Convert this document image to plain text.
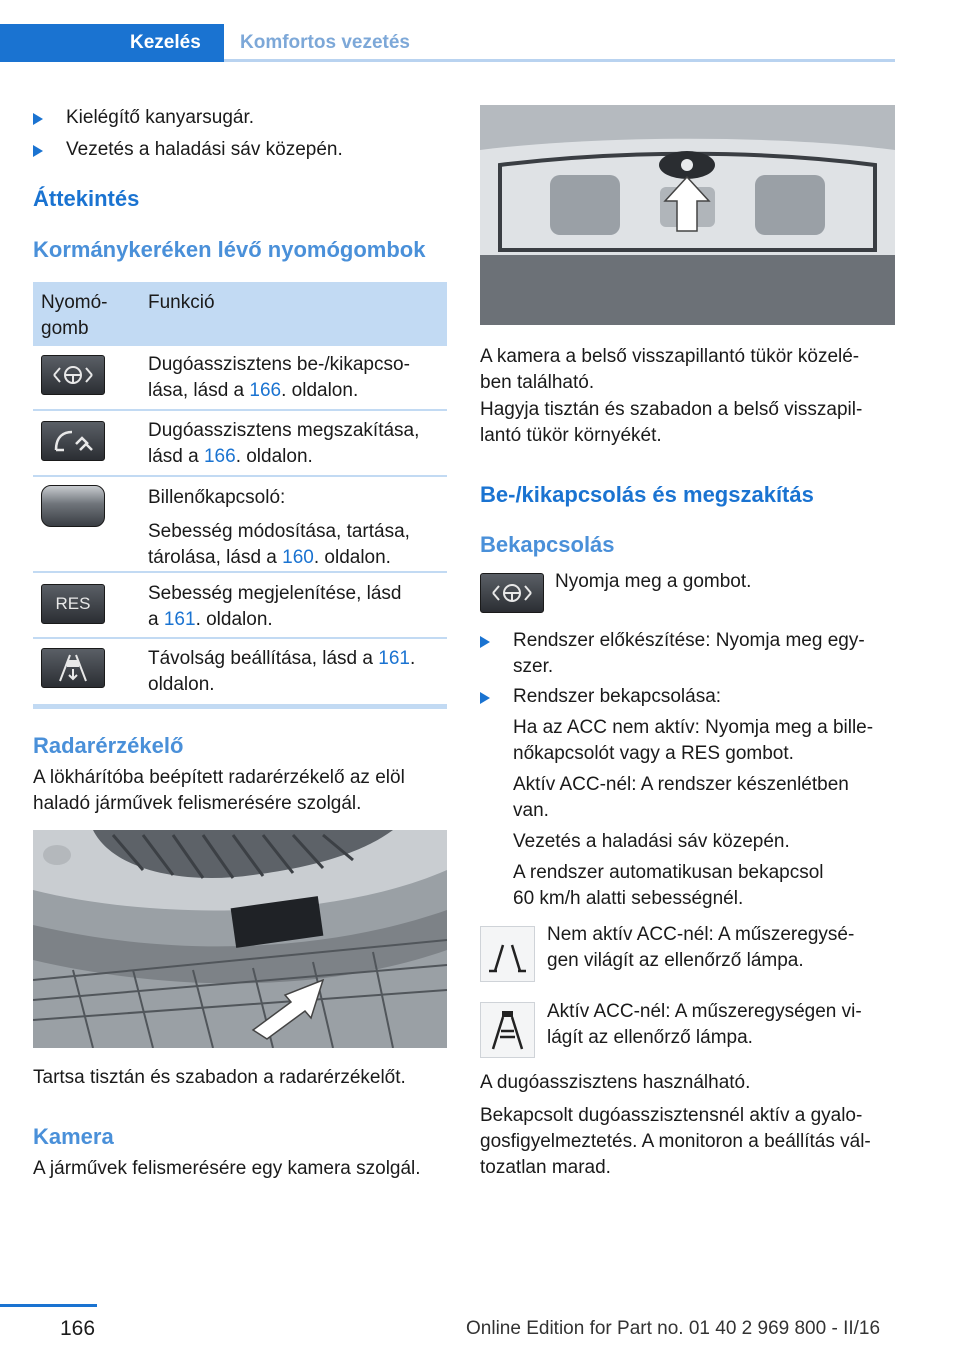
Kezelés Komfortos vezetés
Kielégítő kanyarsugár.
Vezetés a haladási sáv közepén.
Áttekintés
Kormánykeréken lévő nyomógombok
Nyomó-
gomb
Funkció
Dugóasszisztens be-/kikapcso-
lása, lásd a 166. oldalon.
Dugóasszisztens megszakítása,
lásd a 166. oldalon.
Billenőkapcsoló:
Sebesség módosítása, tartása,
tárolása, lásd a 160. oldalon.
RES	Sebesség megjelenítése, lásd
a 161. oldalon.
Távolság beállítása, lásd a 161.
oldalon.
Radarérzékelő
A lökhárítóba beépített radarérzékelő az elöl
haladó járművek felismerésére szolgál.
Tartsa tisztán és szabadon a radarérzékelőt.
Kamera
A járművek felismerésére egy kamera szolgál.
A kamera a belső visszapillantó tükör közelé-
ben található.
Hagyja tisztán és szabadon a belső visszapil-
lantó tükör környékét.
Be-/kikapcsolás és megszakítás
Bekapcsolás
Nyomja meg a gombot.
Rendszer előkészítése: Nyomja meg egy-
szer.
Rendszer bekapcsolása:
Ha az ACC nem aktív: Nyomja meg a bille-
nőkapcsolót vagy a RES gombot.
Aktív ACC-nél: A rendszer készenlétben
van.
Vezetés a haladási sáv közepén.
A rendszer automatikusan bekapcsol
60 km/h alatti sebességnél.
Nem aktív ACC-nél: A műszeregysé-
gen világít az ellenőrző lámpa.
Aktív ACC-nél: A műszeregységen vi-
lágít az ellenőrző lámpa.
A dugóasszisztens használható.
Bekapcsolt dugóasszisztensnél aktív a gyalo-
gosfigyelmeztetés. A monitoron a beállítás vál-
tozatlan marad.
166	Online Edition for Part no. 01 40 2 969 800 - II/16
